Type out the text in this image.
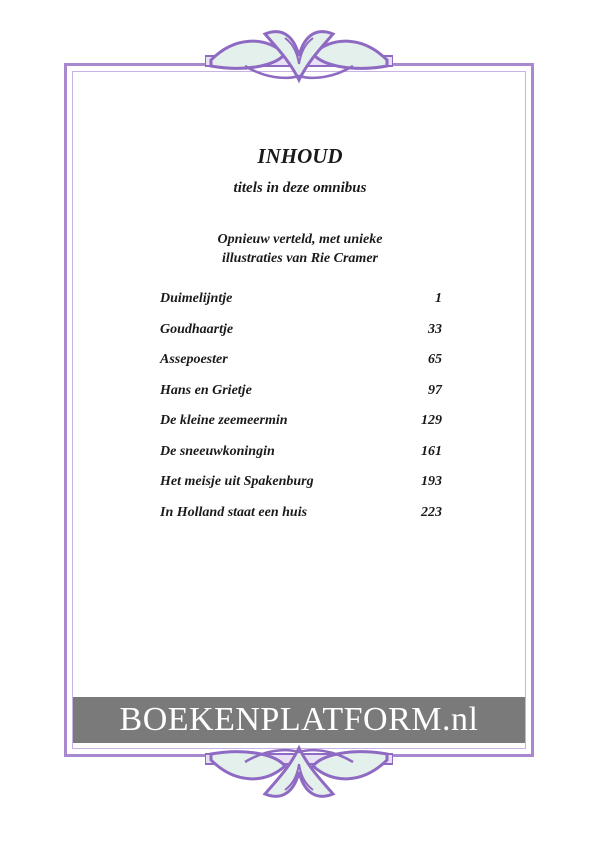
INHOUD
titels in deze omnibus
Opnieuw verteld, met unieke
illustraties van Rie Cramer
Duimelijntje	1
Goudhaartje	33
Assepoester	65
Hans en Grietje	97
De kleine zeemeermin	129
De sneeuwkoningin	161
Het meisje uit Spakenburg	193
In Holland staat een huis	223
BOEKENPLATFORM.nl
